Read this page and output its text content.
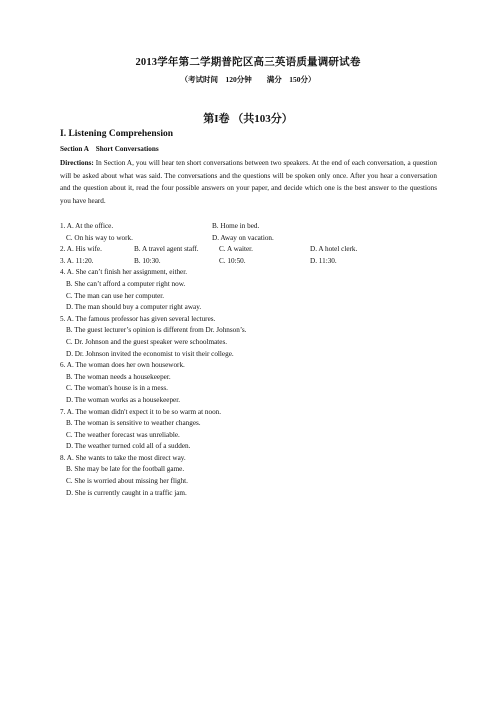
2013学年第二学期普陀区高三英语质量调研试卷
（考试时间　120分钟　　满分　150分）
第I卷 （共103分）
I. Listening Comprehension
Section A　Short Conversations

Directions: In Section A, you will hear ten short conversations between two speakers. At the end of each conversation, a question will be asked about what was said. The conversations and the questions will be spoken only once. After you hear a conversation and the question about it, read the four possible answers on your paper, and decide which one is the best answer to the questions you have heard.

1. A. At the office.	B. Home in bed.
C. On his way to work.	D. Away on vacation.
2. A. His wife.	B. A travel agent staff.	C. A waiter.	D. A hotel clerk.
3. A. 11:20.	B. 10:30.	C. 10:50.	D. 11:30.
4. A. She can’t finish her assignment, either.
B. She can’t afford a computer right now.
C. The man can use her computer.
D. The man should buy a computer right away.
5. A. The famous professor has given several lectures.
B. The guest lecturer’s opinion is different from Dr. Johnson’s.
C. Dr. Johnson and the guest speaker were schoolmates.
D. Dr. Johnson invited the economist to visit their college.
6. A. The woman does her own housework.
B. The woman needs a housekeeper.
C. The woman's house is in a mess.
D. The woman works as a housekeeper.
7. A. The woman didn't expect it to be so warm at noon.
B. The woman is sensitive to weather changes.
C. The weather forecast was unreliable.
D. The weather turned cold all of a sudden.
8. A. She wants to take the most direct way.
B. She may be late for the football game.
C. She is worried about missing her flight.
D. She is currently caught in a traffic jam.
